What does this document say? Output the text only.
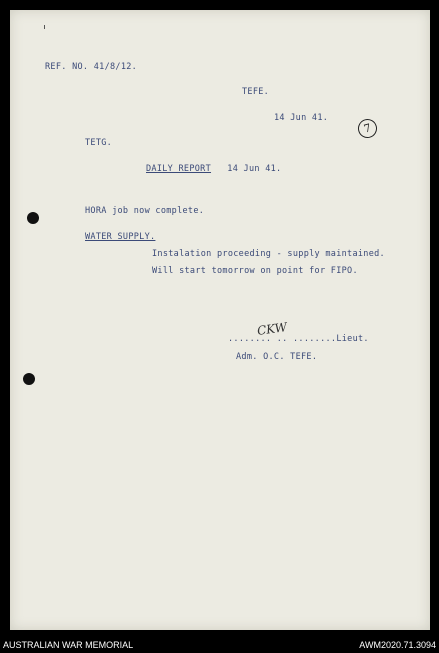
REF. NO. 41/8/12.
TEFE.
14 Jun 41.
7
TETG.
DAILY REPORT 14 Jun 41.
HORA job now complete.
WATER SUPPLY.
Instalation proceeding - supply maintained.
Will start tomorrow on point for FIPO.
CKW
........ .. ........Lieut.
Adm. O.C. TEFE.
AUSTRALIAN WAR MEMORIAL	AWM2020.71.3094
